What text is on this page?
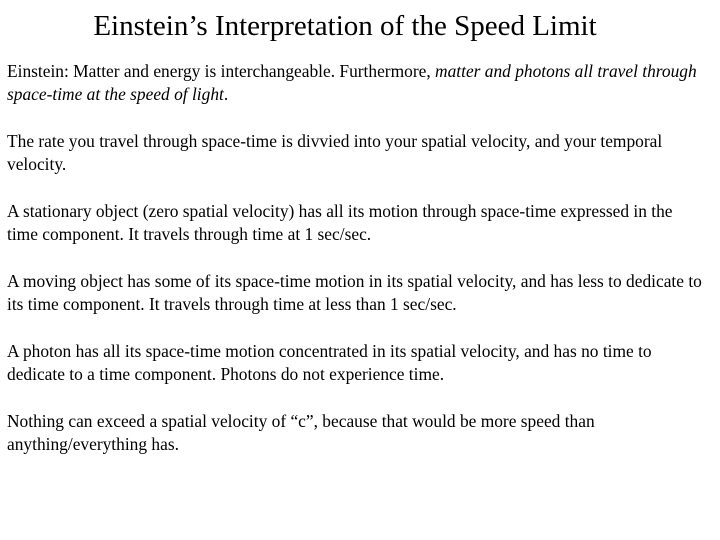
Einstein’s Interpretation of the Speed Limit

Einstein: Matter and energy is interchangeable. Furthermore, matter and photons all travel through space-time at the speed of light.

The rate you travel through space-time is divvied into your spatial velocity, and your temporal velocity.

A stationary object (zero spatial velocity) has all its motion through space-time expressed in the time component. It travels through time at 1 sec/sec.

A moving object has some of its space-time motion in its spatial velocity, and has less to dedicate to its time component. It travels through time at less than 1 sec/sec.

A photon has all its space-time motion concentrated in its spatial velocity, and has no time to dedicate to a time component. Photons do not experience time.

Nothing can exceed a spatial velocity of “c”, because that would be more speed than anything/everything has.
